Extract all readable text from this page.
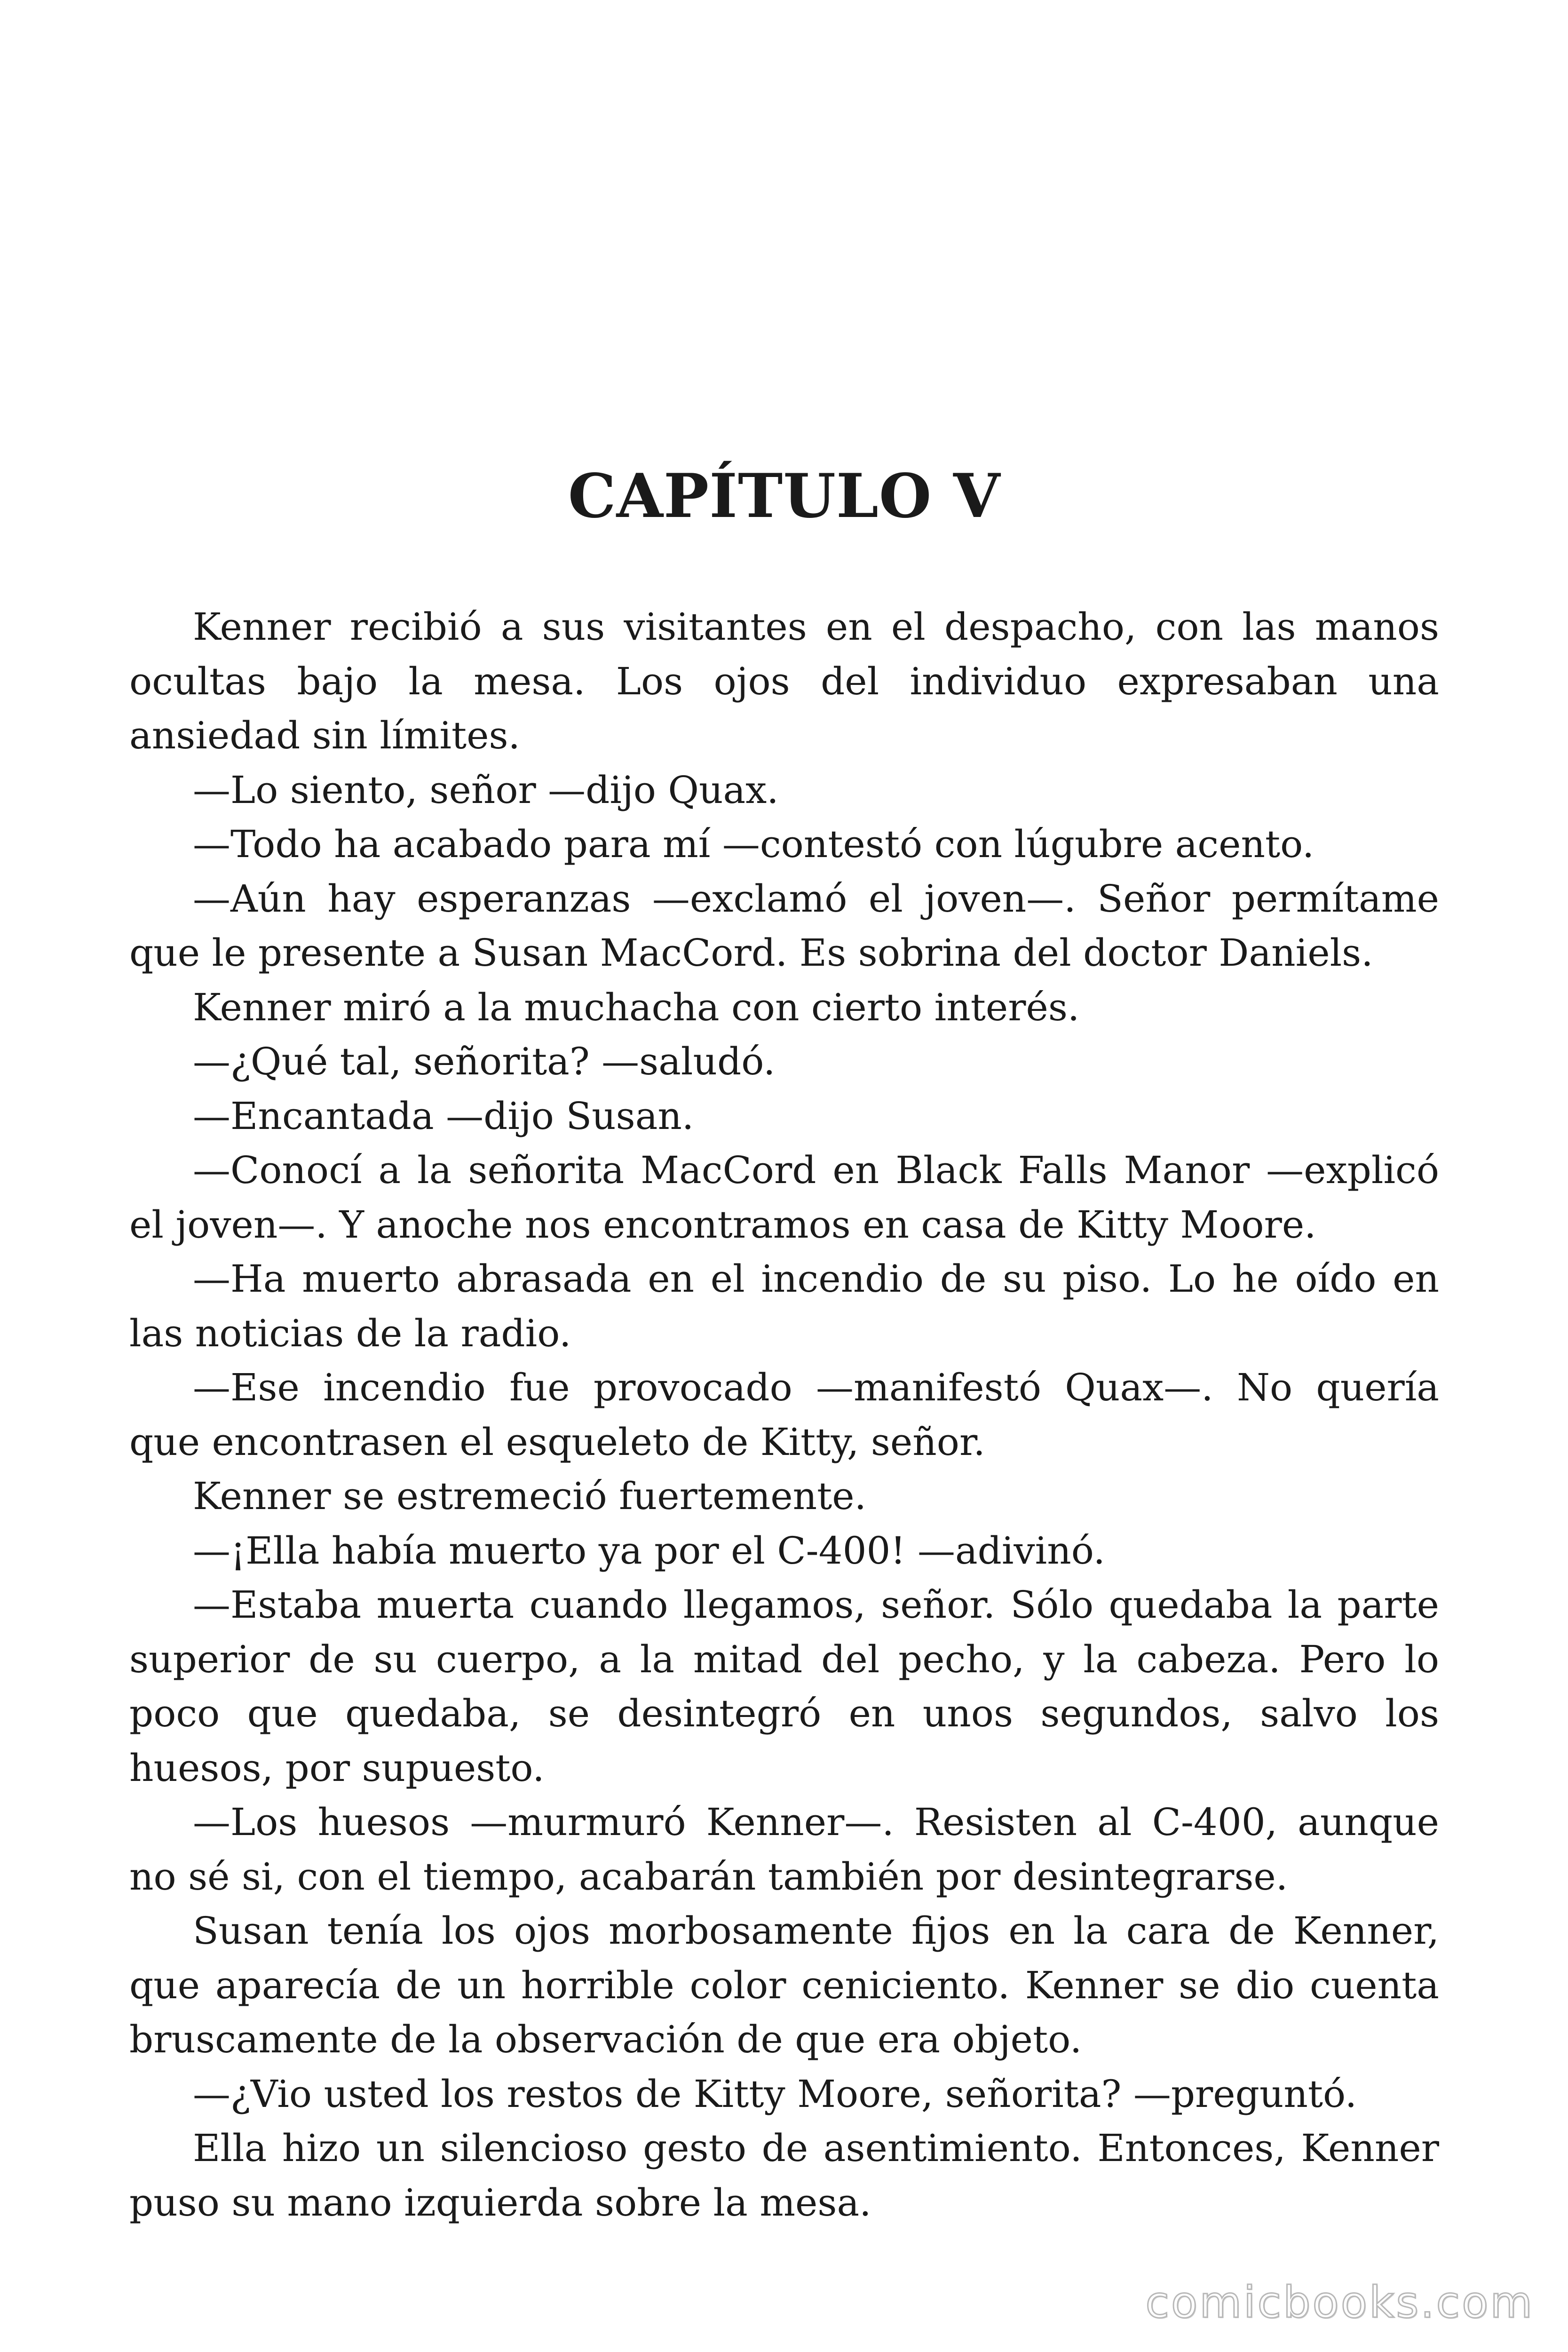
CAPÍTULO V

Kenner recibió a sus visitantes en el despacho, con las manos ocultas bajo la mesa. Los ojos del individuo expresaban una ansiedad sin límites.

—Lo siento, señor —dijo Quax.

—Todo ha acabado para mí —contestó con lúgubre acento.

—Aún hay esperanzas —exclamó el joven—. Señor permítame que le presente a Susan MacCord. Es sobrina del doctor Daniels.

Kenner miró a la muchacha con cierto interés.

—¿Qué tal, señorita? —saludó.

—Encantada —dijo Susan.

—Conocí a la señorita MacCord en Black Falls Manor —explicó el joven—. Y anoche nos encontramos en casa de Kitty Moore.

—Ha muerto abrasada en el incendio de su piso. Lo he oído en las noticias de la radio.

—Ese incendio fue provocado —manifestó Quax—. No quería que encontrasen el esqueleto de Kitty, señor.

Kenner se estremeció fuertemente.

—¡Ella había muerto ya por el C-400! —adivinó.

—Estaba muerta cuando llegamos, señor. Sólo quedaba la parte superior de su cuerpo, a la mitad del pecho, y la cabeza. Pero lo poco que quedaba, se desintegró en unos segundos, salvo los huesos, por supuesto.

—Los huesos —murmuró Kenner—. Resisten al C-400, aunque no sé si, con el tiempo, acabarán también por desintegrarse.

Susan tenía los ojos morbosamente fijos en la cara de Kenner, que aparecía de un horrible color ceniciento. Kenner se dio cuenta bruscamente de la observación de que era objeto.

—¿Vio usted los restos de Kitty Moore, señorita? —preguntó.

Ella hizo un silencioso gesto de asentimiento. Entonces, Kenner puso su mano izquierda sobre la mesa.

comicbooks.com
